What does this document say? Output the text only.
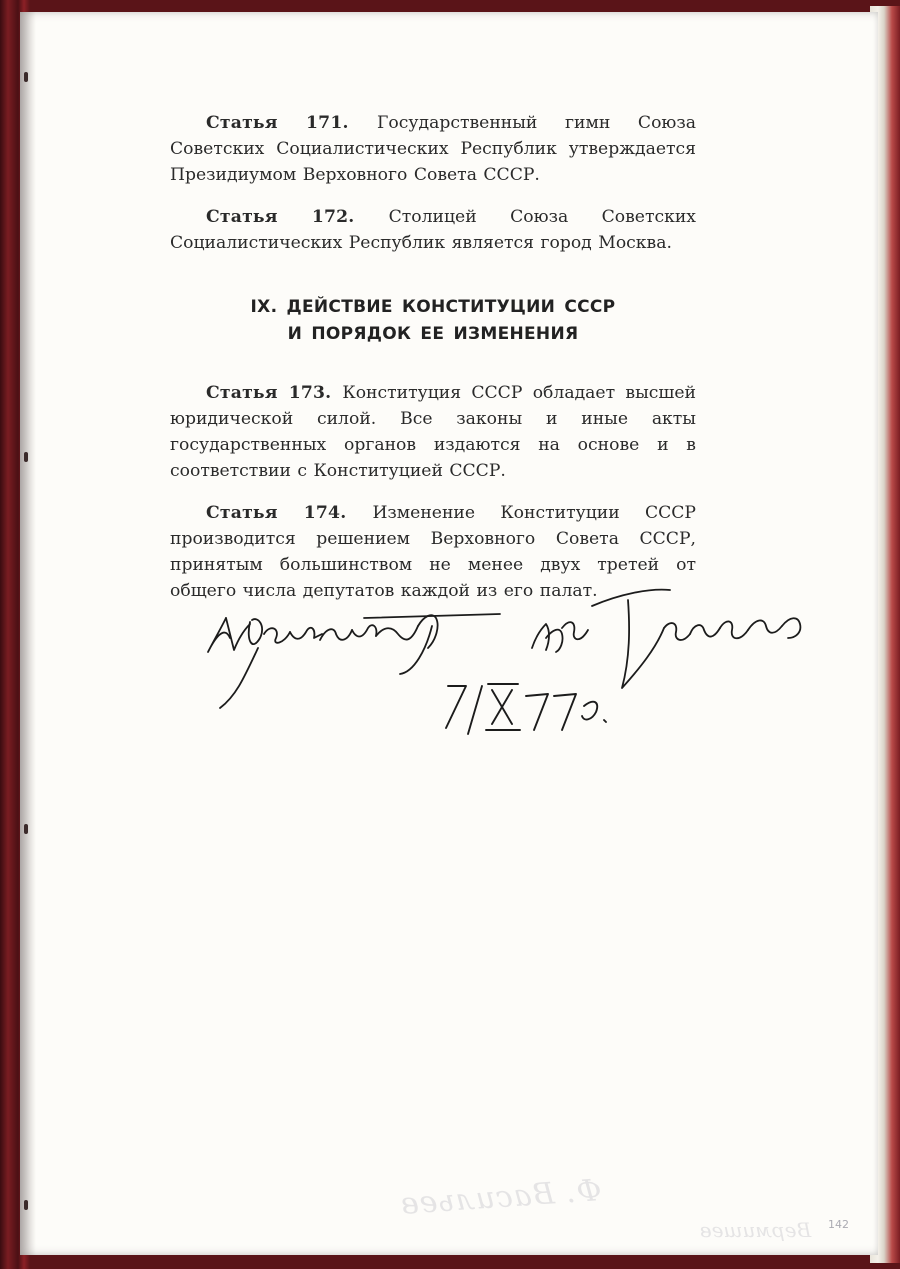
Статья 171. Государственный гимн Союза Советских Социалистических Республик утверждается Президиумом Верховного Совета СССР.

Статья 172. Столицей Союза Советских Социалистических Республик является город Москва.

IX. ДЕЙСТВИЕ КОНСТИТУЦИИ СССР
И ПОРЯДОК ЕЕ ИЗМЕНЕНИЯ

Статья 173. Конституция СССР обладает высшей юридической силой. Все законы и иные акты государственных органов издаются на основе и в соответствии с Конституцией СССР.

Статья 174. Изменение Конституции СССР производится решением Верховного Совета СССР, принятым большинством не менее двух третей от общего числа депутатов каждой из его палат.

Л.Брежнев	М.Георгадзе
7/X 77г.
Ф. Васильев
Вермишев 142
